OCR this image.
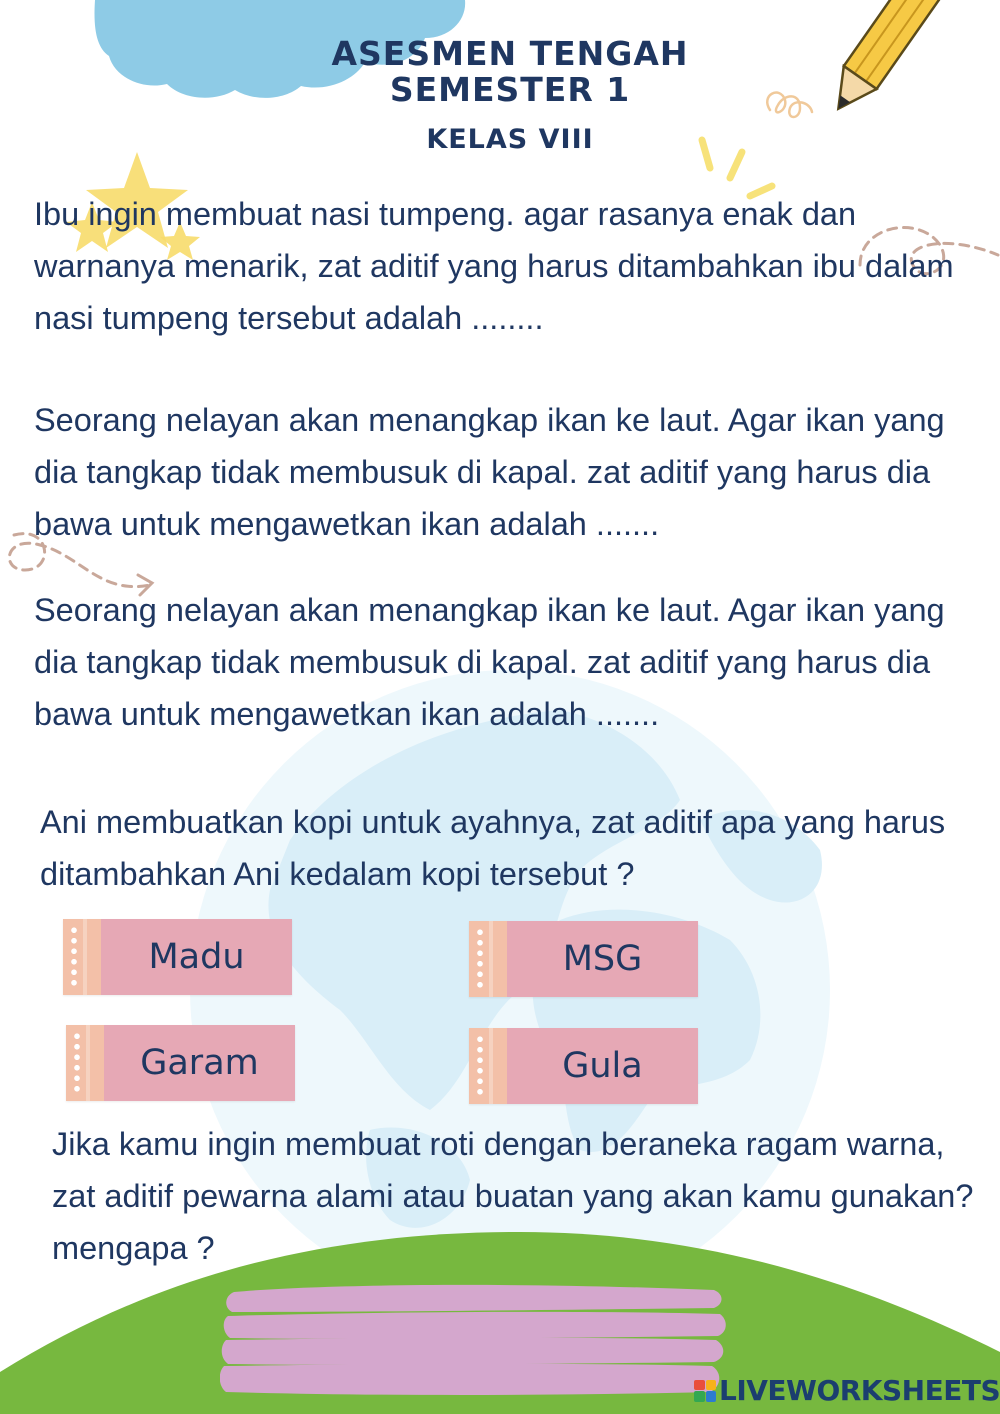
ASESMEN TENGAH
SEMESTER 1
KELAS VIII
Ibu ingin membuat nasi tumpeng. agar rasanya enak dan warnanya menarik, zat aditif yang harus ditambahkan ibu dalam nasi tumpeng tersebut adalah ........
Seorang nelayan akan menangkap ikan ke laut. Agar ikan yang dia tangkap tidak membusuk di kapal. zat aditif yang harus dia bawa untuk mengawetkan ikan adalah .......
Seorang nelayan akan menangkap ikan ke laut. Agar ikan yang dia tangkap tidak membusuk di kapal. zat aditif yang harus dia bawa untuk mengawetkan ikan adalah .......
Ani membuatkan kopi untuk ayahnya, zat aditif apa yang harus ditambahkan Ani kedalam kopi tersebut ?
Madu	MSG
Garam	Gula
Jika kamu ingin membuat roti dengan beraneka ragam warna, zat aditif pewarna alami atau buatan yang akan kamu gunakan? mengapa ?
LIVEWORKSHEETS
